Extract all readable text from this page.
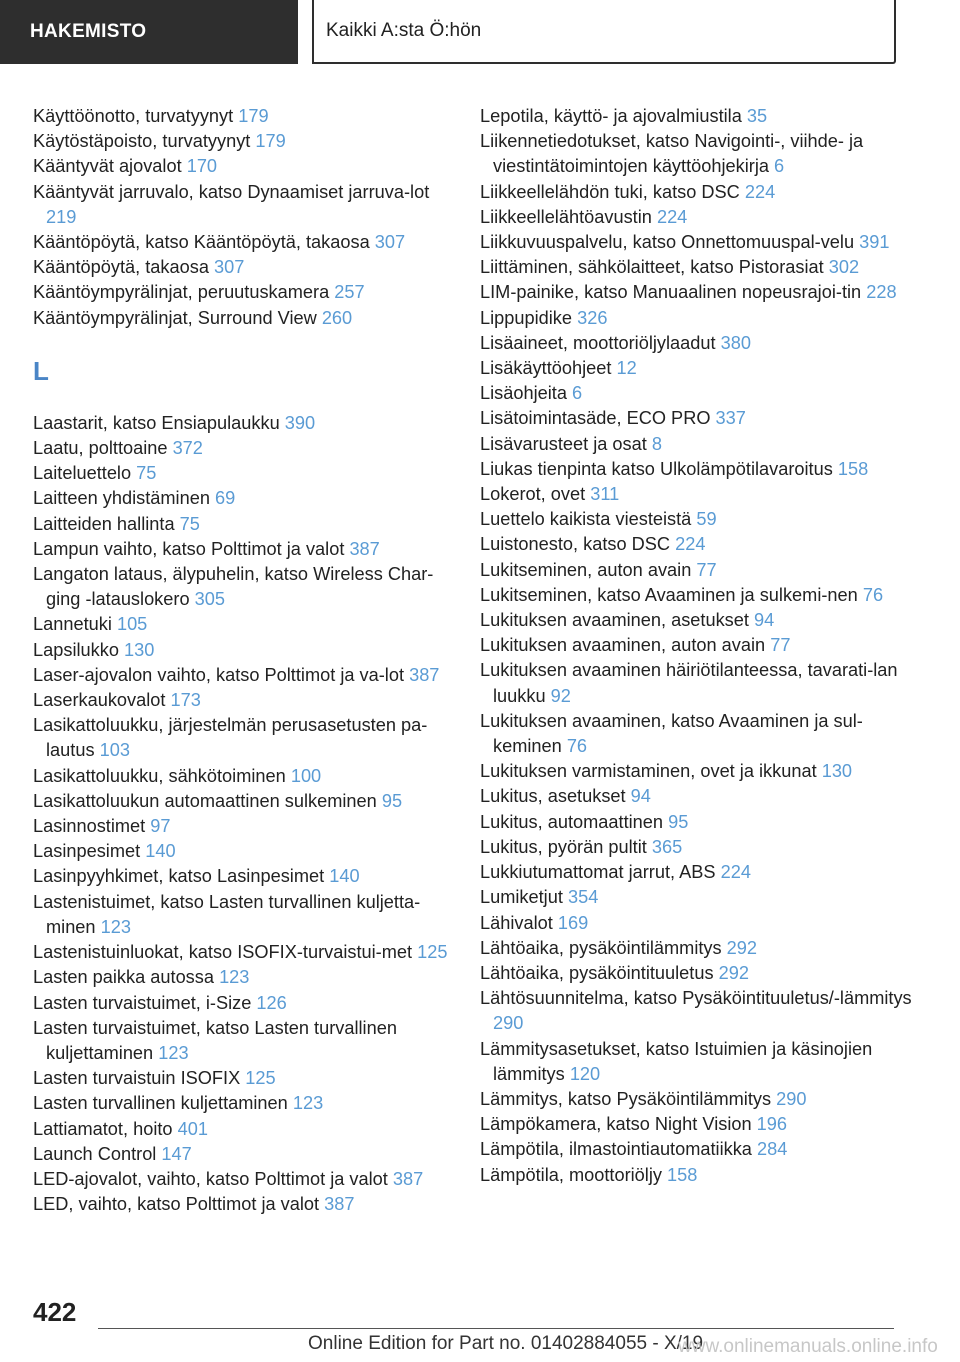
HAKEMISTO	Kaikki A:sta Ö:hön
Käyttöönotto, turvatyynyt 179
Käytöstäpoisto, turvatyynyt 179
Kääntyvät ajovalot 170
Kääntyvät jarruvalo, katso Dynaamiset jarruva-lot 219
Kääntöpöytä, katso Kääntöpöytä, takaosa 307
Kääntöpöytä, takaosa 307
Kääntöympyrälinjat, peruutuskamera 257
Kääntöympyrälinjat, Surround View 260
L
Laastarit, katso Ensiapulaukku 390
Laatu, polttoaine 372
Laiteluettelo 75
Laitteen yhdistäminen 69
Laitteiden hallinta 75
Lampun vaihto, katso Polttimot ja valot 387
Langaton lataus, älypuhelin, katso Wireless Char-ging -latauslokero 305
Lannetuki 105
Lapsilukko 130
Laser-ajovalon vaihto, katso Polttimot ja va-lot 387
Laserkaukovalot 173
Lasikattoluukku, järjestelmän perusasetusten pa-lautus 103
Lasikattoluukku, sähkötoiminen 100
Lasikattoluukun automaattinen sulkeminen 95
Lasinnostimet 97
Lasinpesimet 140
Lasinpyyhkimet, katso Lasinpesimet 140
Lastenistuimet, katso Lasten turvallinen kuljetta-minen 123
Lastenistuinluokat, katso ISOFIX-turvaistui-met 125
Lasten paikka autossa 123
Lasten turvaistuimet, i-Size 126
Lasten turvaistuimet, katso Lasten turvallinen kuljettaminen 123
Lasten turvaistuin ISOFIX 125
Lasten turvallinen kuljettaminen 123
Lattiamatot, hoito 401
Launch Control 147
LED-ajovalot, vaihto, katso Polttimot ja valot 387
LED, vaihto, katso Polttimot ja valot 387
Lepotila, käyttö- ja ajovalmiustila 35
Liikennetiedotukset, katso Navigointi-, viihde- ja viestintätoimintojen käyttöohjekirja 6
Liikkeellelähdön tuki, katso DSC 224
Liikkeellelähtöavustin 224
Liikkuvuuspalvelu, katso Onnettomuuspal-velu 391
Liittäminen, sähkölaitteet, katso Pistorasiat 302
LIM-painike, katso Manuaalinen nopeusrajoi-tin 228
Lippupidike 326
Lisäaineet, moottoriöljylaadut 380
Lisäkäyttöohjeet 12
Lisäohjeita 6
Lisätoimintasäde, ECO PRO 337
Lisävarusteet ja osat 8
Liukas tienpinta katso Ulkolämpötilavaroitus 158
Lokerot, ovet 311
Luettelo kaikista viesteistä 59
Luistonesto, katso DSC 224
Lukitseminen, auton avain 77
Lukitseminen, katso Avaaminen ja sulkemi-nen 76
Lukituksen avaaminen, asetukset 94
Lukituksen avaaminen, auton avain 77
Lukituksen avaaminen häiriötilanteessa, tavarati-lan luukku 92
Lukituksen avaaminen, katso Avaaminen ja sul-keminen 76
Lukituksen varmistaminen, ovet ja ikkunat 130
Lukitus, asetukset 94
Lukitus, automaattinen 95
Lukitus, pyörän pultit 365
Lukkiutumattomat jarrut, ABS 224
Lumiketjut 354
Lähivalot 169
Lähtöaika, pysäköintilämmitys 292
Lähtöaika, pysäköintituuletus 292
Lähtösuunnitelma, katso Pysäköintituuletus/-lämmitys 290
Lämmitysasetukset, katso Istuimien ja käsinojien lämmitys 120
Lämmitys, katso Pysäköintilämmitys 290
Lämpökamera, katso Night Vision 196
Lämpötila, ilmastointiautomatiikka 284
Lämpötila, moottoriöljy 158
422
Online Edition for Part no. 01402884055 - X/19
www.onlinemanuals.online.info
